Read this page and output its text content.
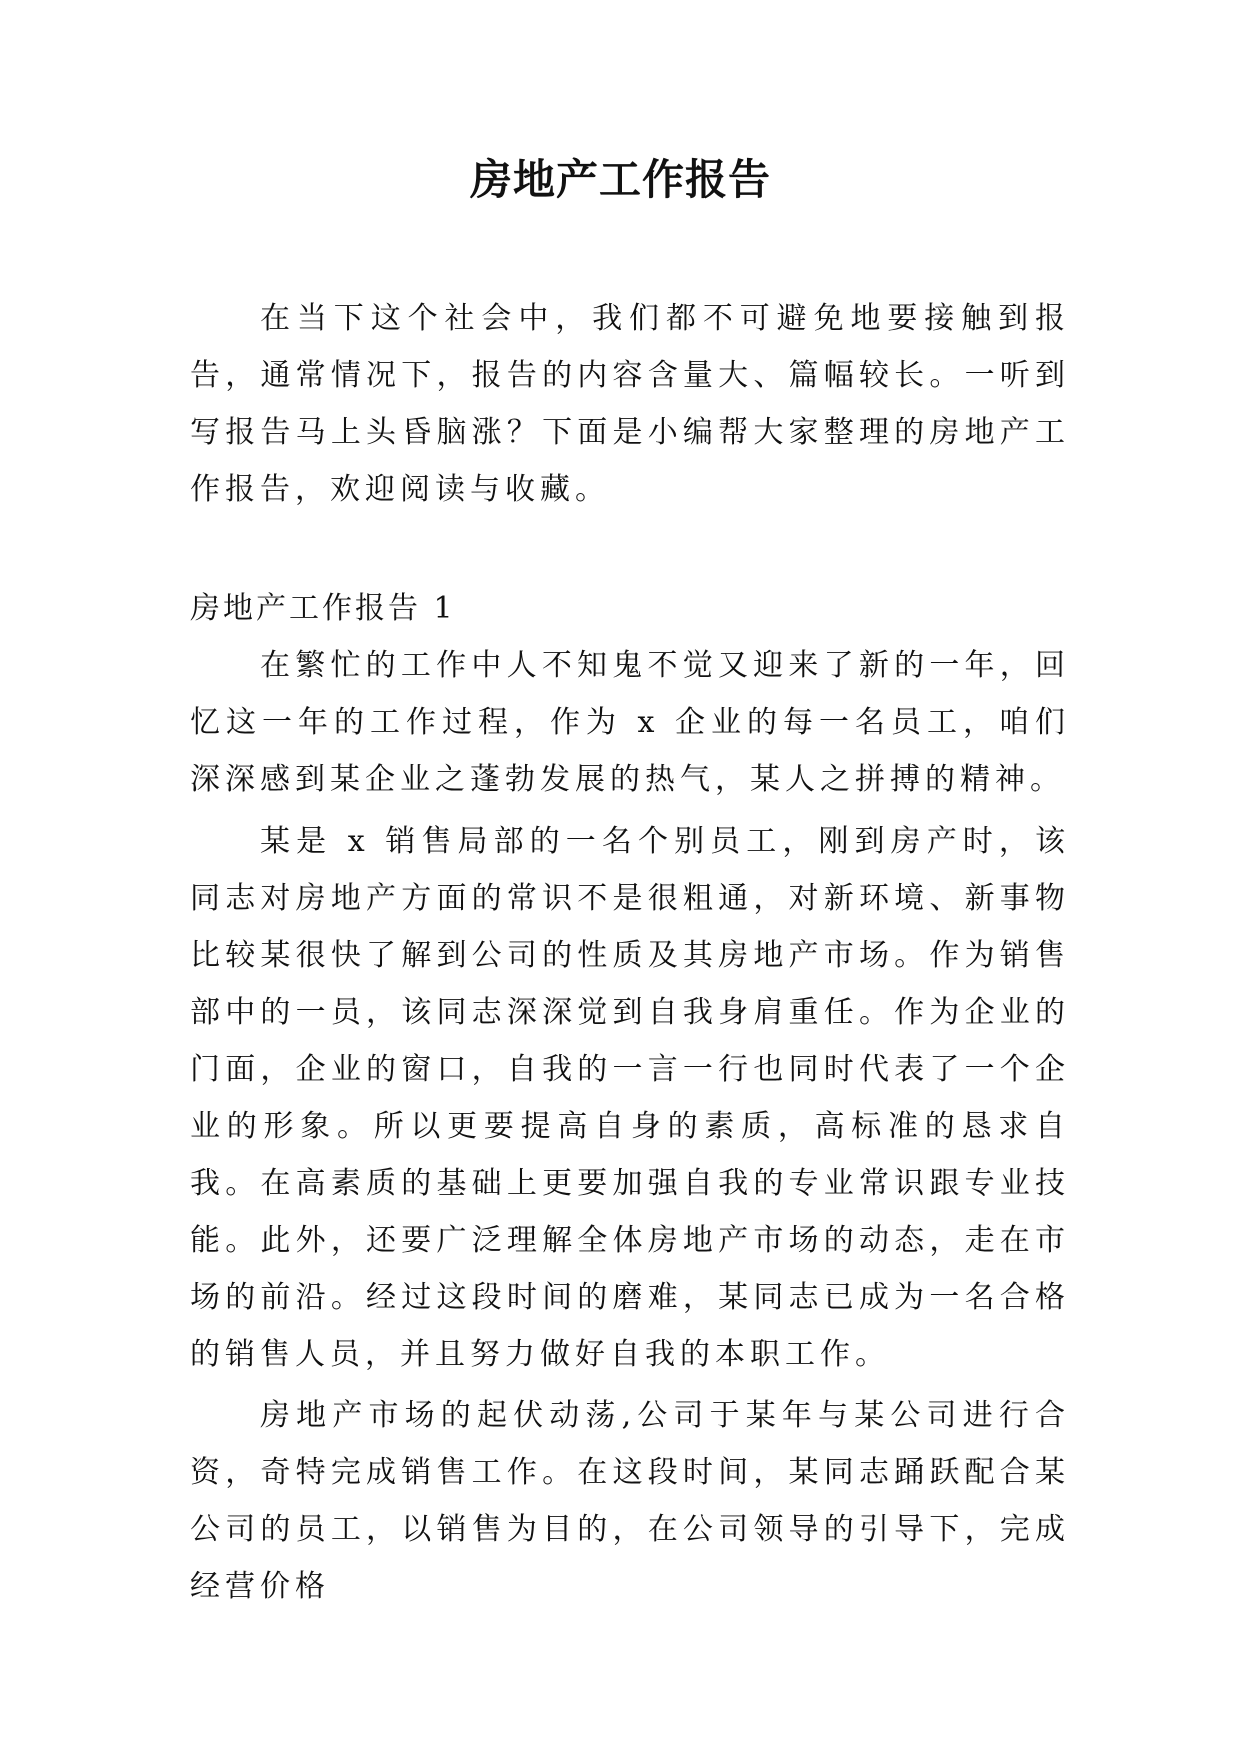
房地产工作报告

在当下这个社会中，我们都不可避免地要接触到报告，通常情况下，报告的内容含量大、篇幅较长。一听到写报告马上头昏脑涨？下面是小编帮大家整理的房地产工作报告，欢迎阅读与收藏。

房地产工作报告 1

在繁忙的工作中人不知鬼不觉又迎来了新的一年，回忆这一年的工作过程，作为 x 企业的每一名员工，咱们深深感到某企业之蓬勃发展的热气，某人之拼搏的精神。

某是 x 销售局部的一名个别员工，刚到房产时，该同志对房地产方面的常识不是很粗通，对新环境、新事物比较某很快了解到公司的性质及其房地产市场。作为销售部中的一员，该同志深深觉到自我身肩重任。作为企业的门面，企业的窗口，自我的一言一行也同时代表了一个企业的形象。所以更要提高自身的素质，高标准的恳求自我。在高素质的基础上更要加强自我的专业常识跟专业技能。此外，还要广泛理解全体房地产市场的动态，走在市场的前沿。经过这段时间的磨难，某同志已成为一名合格的销售人员，并且努力做好自我的本职工作。

房地产市场的起伏动荡,公司于某年与某公司进行合资，奇特完成销售工作。在这段时间，某同志踊跃配合某公司的员工，以销售为目的，在公司领导的引导下，完成经营价格
